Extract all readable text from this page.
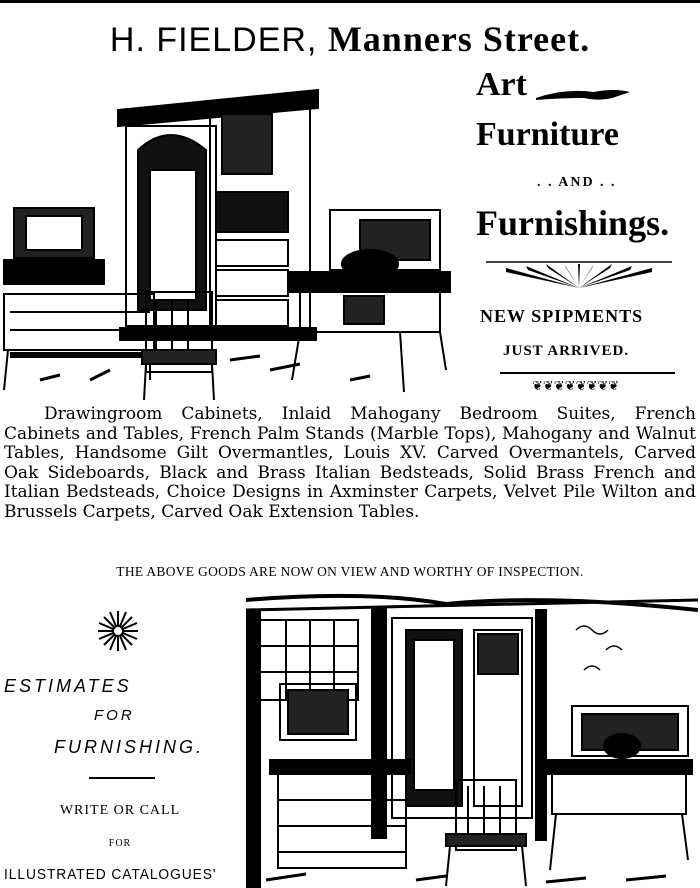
H. FIELDER, Manners Street.
Art
Furniture
. . AND . .
Furnishings.
NEW SPIPMENTS
JUST ARRIVED.
❦❦❦❦❦❦❦❦

Drawingroom Cabinets, Inlaid Mahogany Bedroom Suites, French Cabinets and Tables, French Palm Stands (Marble Tops), Mahogany and Walnut Tables, Handsome Gilt Overmantles, Louis XV. Carved Overmantels, Carved Oak Sideboards, Black and Brass Italian Bedsteads, Solid Brass French and Italian Bedsteads, Choice Designs in Axminster Carpets, Velvet Pile Wilton and Brussels Carpets, Carved Oak Extension Tables.

THE ABOVE GOODS ARE NOW ON VIEW AND WORTHY OF INSPECTION.
ESTIMATES
FOR
FURNISHING.
WRITE OR CALL
FOR
ILLUSTRATED CATALOGUES'
